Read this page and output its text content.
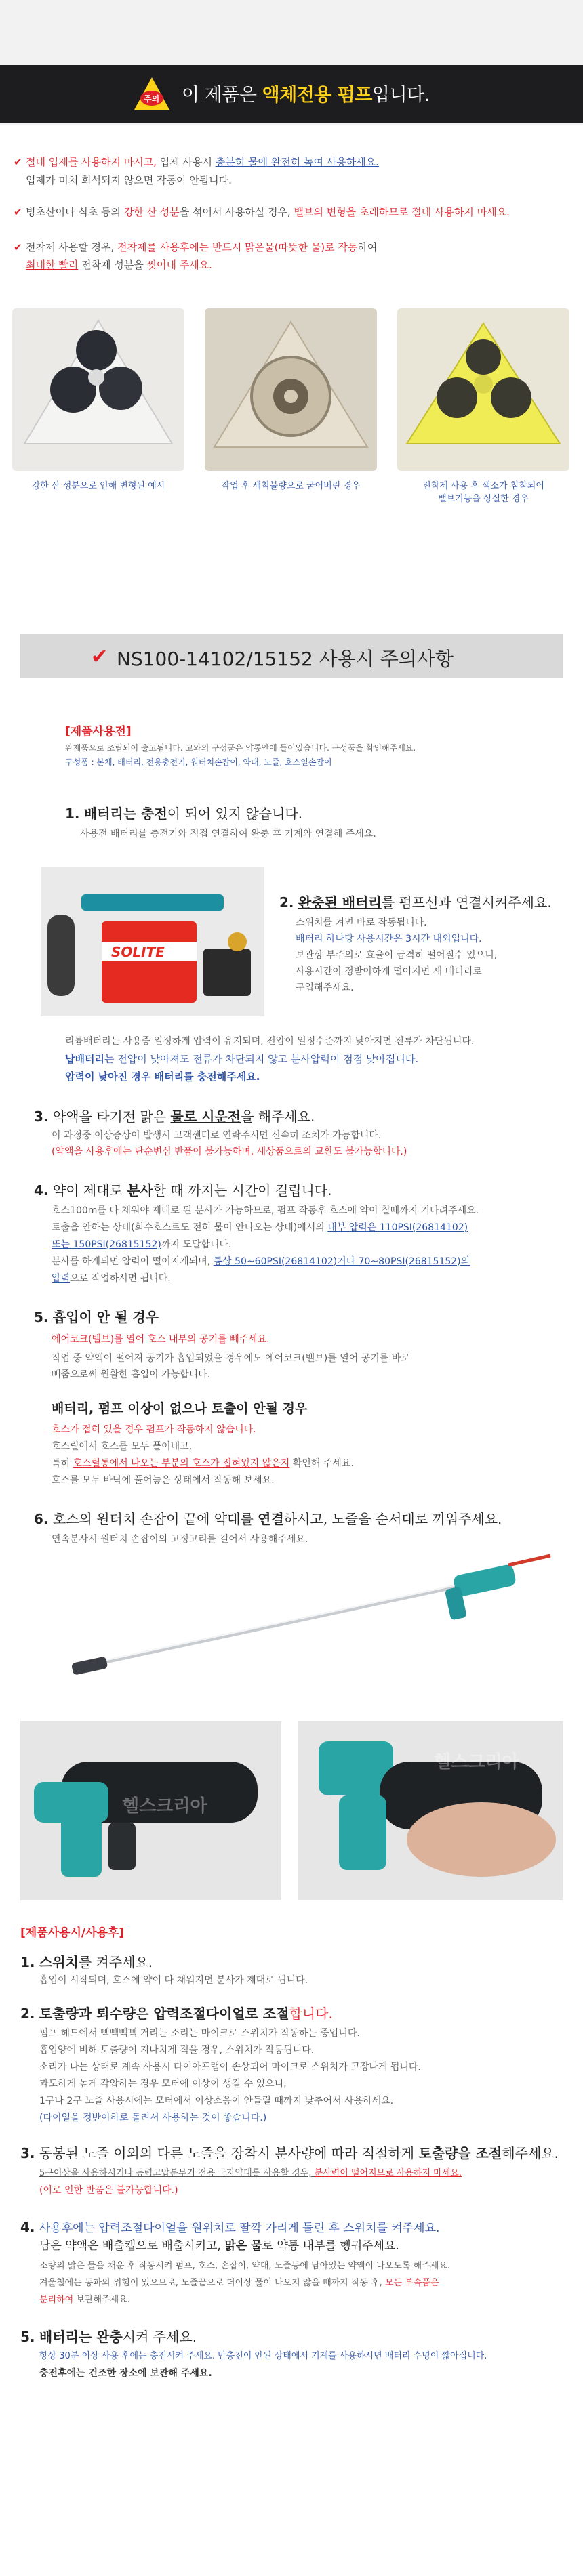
주의 이 제품은 액체전용 펌프입니다.
✔ 절대 입제를 사용하지 마시고, 입제 사용시 충분히 물에 완전히 녹여 사용하세요.
입제가 미처 희석되지 않으면 작동이 안됩니다.
✔ 빙초산이나 식초 등의 강한 산 성분을 섞어서 사용하실 경우, 밸브의 변형을 초래하므로 절대 사용하지 마세요.
✔ 전착제 사용할 경우, 전착제를 사용후에는 반드시 맑은물(따뜻한 물)로 작동하여
최대한 빨리 전착제 성분을 씻어내 주세요.
강한 산 성분으로 인해 변형된 예시	작업 후 세척불량으로 굳어버린 경우	전착제 사용 후 색소가 침착되어
밸브기능을 상실한 경우
✔ NS100-14102/15152 사용시 주의사항
[제품사용전]
완제품으로 조립되어 출고됩니다. 고와의 구성품은 약통안에 들어있습니다. 구성품을 확인해주세요.
구성품 : 본체, 배터리, 전용충전기, 원터치손잡이, 약대, 노즐, 호스일손잡이
1. 배터리는 충전이 되어 있지 않습니다.
사용전 배터리를 충전기와 직접 연결하여 완충 후 기계와 연결해 주세요.
SOLITE
2. 완충된 배터리를 펌프선과 연결시켜주세요.
스위치를 켜면 바로 작동됩니다.
배터리 하나당 사용시간은 3시간 내외입니다.
보관상 부주의로 효율이 급격히 떨어질수 있으니,
사용시간이 정받이하게 떨어지면 새 배터리로
구입해주세요.
리튬배터리는 사용중 일정하게 압력이 유지되며, 전압이 일정수준까지 낮아지면 전류가 차단됩니다.
납배터리는 전압이 낮아져도 전류가 차단되지 않고 분사압력이 점점 낮아집니다.
압력이 낮아진 경우 배터리를 충전해주세요.
3. 약액을 타기전 맑은 물로 시운전을 해주세요.
이 과정중 이상증상이 발생시 고객센터로 연락주시면 신속히 조치가 가능합니다.
(약액을 사용후에는 단순변심 반품이 불가능하며, 세상품으로의 교환도 불가능합니다.)
4. 약이 제대로 분사할 때 까지는 시간이 걸립니다.
호스100m를 다 채워야 제대로 된 분사가 가능하므로, 펌프 작동후 호스에 약이 칠때까지 기다려주세요.
토출을 안하는 상태(회수호스로도 전혀 물이 안나오는 상태)에서의 내부 압력은 110PSI(26814102)
또는 150PSI(26815152)까지 도달합니다.
분사를 하게되면 압력이 떨어지게되며, 통상 50~60PSI(26814102)거나 70~80PSI(26815152)의
압력으로 작업하시면 됩니다.
5. 흡입이 안 될 경우
에어코크(밸브)를 열어 호스 내부의 공기를 빼주세요.
작업 중 약액이 떨어져 공기가 흡입되었을 경우에도 에어코크(밸브)를 열어 공기를 바로
빼줌으로써 원활한 흡입이 가능합니다.
배터리, 펌프 이상이 없으나 토출이 안될 경우
호스가 접혀 있을 경우 펌프가 작동하지 않습니다.
호스릴에서 호스를 모두 풀어내고,
특히 호스릴통에서 나오는 부분의 호스가 접혀있지 않은지 확인해 주세요.
호스를 모두 바닥에 풀어놓은 상태에서 작동해 보세요.
6. 호스의 원터치 손잡이 끝에 약대를 연결하시고, 노즐을 순서대로 끼워주세요.
연속분사시 원터치 손잡이의 고정고리를 걸어서 사용해주세요.
헬스크리아
헬스크리아
[제품사용시/사용후]
1. 스위치를 켜주세요.
흡입이 시작되며, 호스에 약이 다 채워지면 분사가 제대로 됩니다.
2. 토출량과 퇴수량은 압력조절다이얼로 조절합니다.
펌프 헤드에서 빽빽빽빽 거리는 소리는 마이크로 스위치가 작동하는 중입니다.
흡입양에 비해 토출량이 지나치게 적을 경우, 스위치가 작동됩니다.
소리가 나는 상태로 계속 사용시 다이아프램이 손상되어 마이크로 스위치가 고장나게 됩니다.
과도하게 높게 각압하는 경우 모터에 이상이 생길 수 있으니,
1구나 2구 노즐 사용시에는 모터에서 이상소음이 안들릴 때까지 낮추어서 사용하세요.
(다이얼을 정반이하로 돌려서 사용하는 것이 좋습니다.)
3. 동봉된 노즐 이외의 다른 노즐을 장착시 분사량에 따라 적절하게 토출량을 조절해주세요.
5구이상을 사용하시거나 동력고압분무기 전용 국자약대를 사용할 경우, 분사력이 떨어지므로 사용하지 마세요.
(이로 인한 반품은 불가능합니다.)
4. 사용후에는 압력조절다이얼을 원위치로 딸깍 가리게 돌린 후 스위치를 켜주세요.
남은 약액은 배출캡으로 배출시키고, 맑은 물로 약통 내부를 헹궈주세요.
소량의 맑은 물을 채운 후 작동시켜 펌프, 호스, 손잡이, 약대, 노즐등에 남아있는 약액이 나오도록 해주세요.
겨울철에는 동파의 위험이 있으므로, 노즐끝으로 더이상 물이 나오지 않을 때까지 작동 후, 모든 부속품은
분리하여 보관해주세요.
5. 배터리는 완충시켜 주세요.
항상 30분 이상 사용 후에는 충전시켜 주세요. 만충전이 안된 상태에서 기계를 사용하시면 배터리 수명이 짧아집니다.
충전후에는 건조한 장소에 보관해 주세요.
